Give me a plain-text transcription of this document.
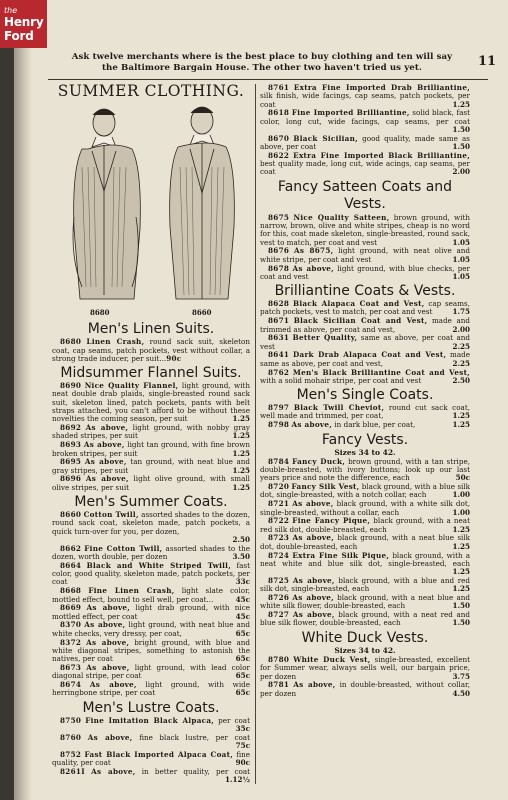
the
Henry
Ford
Ask twelve merchants where is the best place to buy clothing and ten will say
the Baltimore Bargain House. The other two haven't tried us yet.	11
SUMMER CLOTHING.
8680	8660
Men's Linen Suits.
8680 Linen Crash, round sack suit, skeleton coat, cap seams, patch pockets, vest without collar, a strong trade inducer, per suit...90c
Midsummer Flannel Suits.
8690 Nice Quality Flannel, light ground, with neat double drab plaids, single-breasted round sack suit, skeleton lined, patch pockets, pants with belt straps attached, you can't afford to be without these novelties the coming season, per suit	1.25
8692 As above, light ground, with nobby gray shaded stripes, per suit	1.25
8693 As above, light tan ground, with fine brown broken stripes, per suit	1.25
8695 As above, tan ground, with neat blue and gray stripes, per suit	1.25
8696 As above, light olive ground, with small olive stripes, per suit	1.25
Men's Summer Coats.
8660 Cotton Twill, assorted shades to the dozen, round sack coat, skeleton made, patch pockets, a quick turn-over for you, per dozen,
2.50
8662 Fine Cotton Twill, assorted shades to the dozen, worth double, per dozen	3.50
8664 Black and White Striped Twill, fast color, good quality, skeleton made, patch pockets, per coat	33c
8668 Fine Linen Crash, light slate color, mottled effect, bound to sell well, per coat...	45c
8669 As above, light drab ground, with nice mottled effect, per coat	45c
8370 As above, light ground, with neat blue and white checks, very dressy, per coat,	65c
8372 As above, bright ground, with blue and white diagonal stripes, something to astonish the natives, per coat	65c
8673 As above, light ground, with lead color diagonal stripe, per coat	65c
8674 As above, light ground, with wide herringbone stripe, per coat	65c
Men's Lustre Coats.
8750 Fine Imitation Black Alpaca, per coat
35c
8760 As above, fine black lustre, per coat
75c
8752 Fast Black Imported Alpaca Coat, fine quality, per coat	90c
8261I As above, in better quality, per coat
1.12½
8761 Extra Fine Imported Drab Brilliantine, silk finish, wide facings, cap seams, patch pockets, per coat	1.25
8618 Fine Imported Brilliantine, solid black, fast color, long cut, wide facings, cap seams, per coat
1.50
8670 Black Sicilian, good quality, made same as above, per coat	1.50
8622 Extra Fine Imported Black Brilliantine, best quality made, long cut, wide acings, cap seams, per coat	2.00
Fancy Satteen Coats and Vests.
8675 Nice Quality Satteen, brown ground, with narrow, brown, olive and white stripes, cheap is no word for this, coat made skeleton, single-breasted, round sack, vest to match, per coat and vest	1.05
8676 As 8675, light ground, with neat olive and white stripe, per coat and vest	1.05
8678 As above, light ground, with blue checks, per coat and vest	1.05
Brilliantine Coats & Vests.
8628 Black Alapaca Coat and Vest, cap seams, patch pockets, vest to match, per coat and vest	1.75
8671 Black Sicilian Coat and Vest, made and trimmed as above, per coat and vest,	2.00
8631 Better Quality, same as above, per coat and vest	2.25
8641 Dark Drab Alapaca Coat and Vest, made same as above, per coat and vest,	2.25
8762 Men's Black Brilliantine Coat and Vest, with a solid mohair stripe, per coat and vest	2.50
Men's Single Coats.
8797 Black Twill Cheviot, round cut sack coat, well made and trimmed, per coat,	1.25
8798 As above, in dark blue, per coat,	1.25
Fancy Vests.
Sizes 34 to 42.
8784 Fancy Duck, brown ground, with a tan stripe, double-breasted, with ivory buttons; look up our last years price and note the difference, each	50c
8720 Fancy Silk Vest, black ground, with a blue silk dot, single-breasted, with a notch collar, each	1.00
8721 As above, black ground, with a white silk dot, single-breasted, without a collar, each	1.00
8722 Fine Fancy Pique, black ground, with a neat red silk dot, double-breasted, each	1.25
8723 As above, black ground, with a neat blue silk dot, double-breasted, each	1.25
8724 Extra Fine Silk Pique, black ground, with a neat white and blue silk dot, single-breasted, each
1.25
8725 As above, black ground, with a blue and red silk dot, single-breasted, each	1.25
8726 As above, black ground, with a neat blue and white silk flower, double-breasted, each	1.50
8727 As above, black ground, with a neat red and blue silk flower, double-breasted, each	1.50
White Duck Vests.
Sizes 34 to 42.
8780 White Duck Vest, single-breasted, excellent for Summer wear, always sells well, our bargain price, per dozen	3.75
8781 As above, in double-breasted, without collar, per dozen	4.50
